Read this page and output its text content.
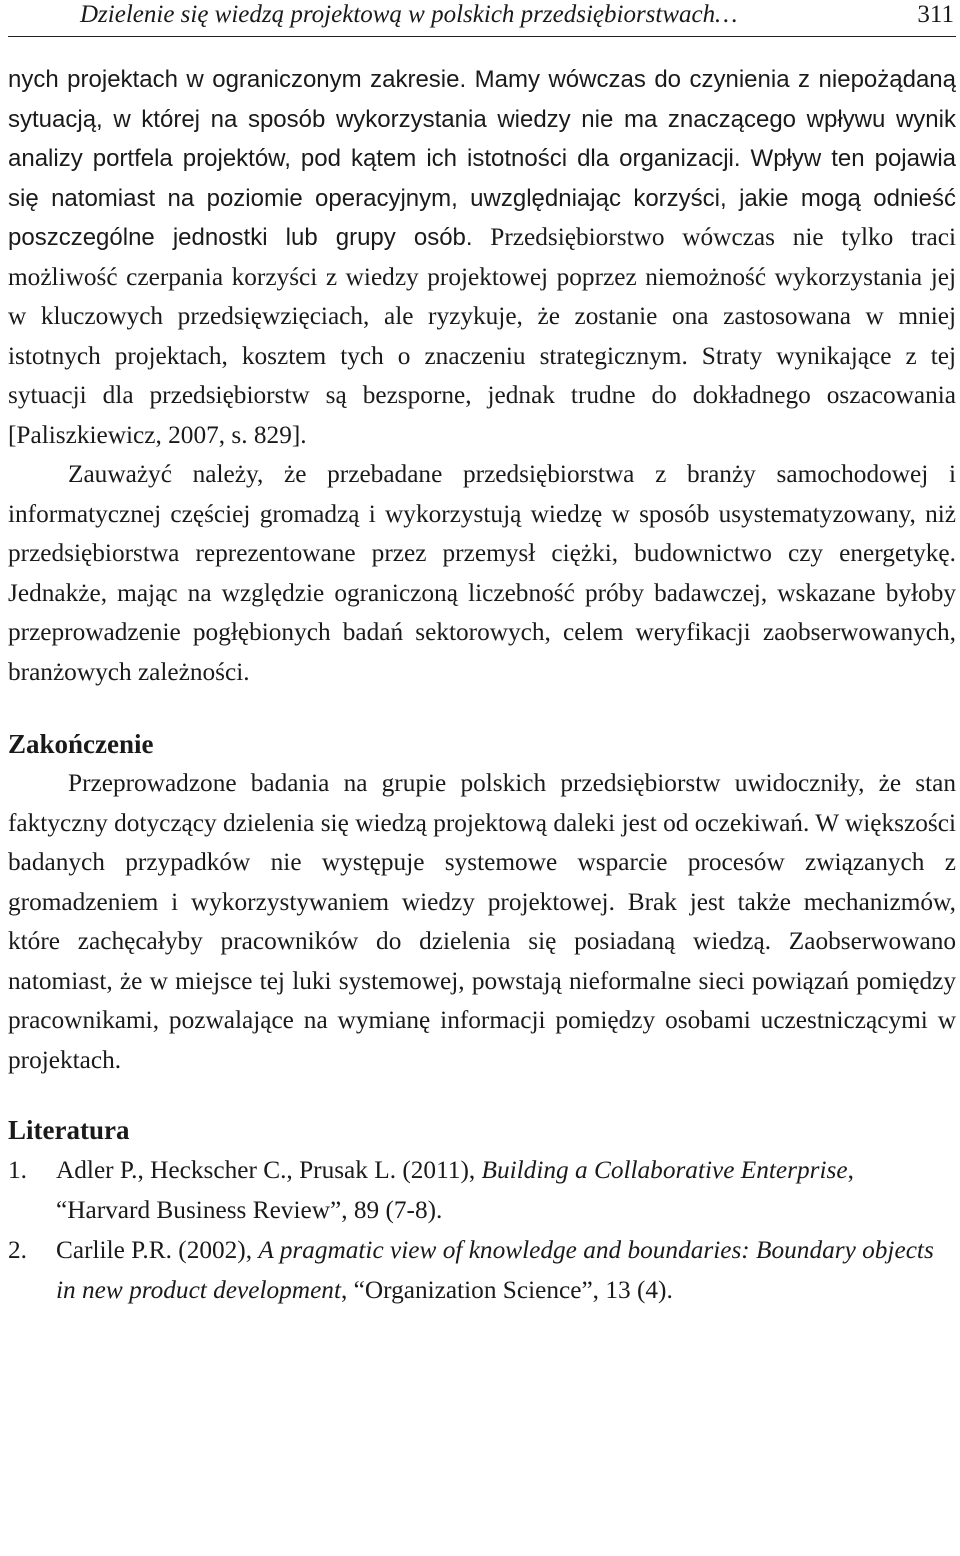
Dzielenie się wiedzą projektową w polskich przedsiębiorstwach…	311

nych projektach w ograniczonym zakresie. Mamy wówczas do czynienia z niepożądaną sytuacją, w której na sposób wykorzystania wiedzy nie ma znaczącego wpływu wynik analizy portfela projektów, pod kątem ich istotności dla organizacji. Wpływ ten pojawia się natomiast na poziomie operacyjnym, uwzględniając korzyści, jakie mogą odnieść poszczególne jednostki lub grupy osób. Przedsiębiorstwo wówczas nie tylko traci możliwość czerpania korzyści z wiedzy projektowej poprzez niemożność wykorzystania jej w kluczowych przedsięwzięciach, ale ryzykuje, że zostanie ona zastosowana w mniej istotnych projektach, kosztem tych o znaczeniu strategicznym. Straty wynikające z tej sytuacji dla przedsiębiorstw są bezsporne, jednak trudne do dokładnego oszacowania [Paliszkiewicz, 2007, s. 829].

Zauważyć należy, że przebadane przedsiębiorstwa z branży samochodowej i informatycznej częściej gromadzą i wykorzystują wiedzę w sposób usystematyzowany, niż przedsiębiorstwa reprezentowane przez przemysł ciężki, budownictwo czy energetykę. Jednakże, mając na względzie ograniczoną liczebność próby badawczej, wskazane byłoby przeprowadzenie pogłębionych badań sektorowych, celem weryfikacji zaobserwowanych, branżowych zależności.

Zakończenie

Przeprowadzone badania na grupie polskich przedsiębiorstw uwidoczniły, że stan faktyczny dotyczący dzielenia się wiedzą projektową daleki jest od oczekiwań. W większości badanych przypadków nie występuje systemowe wsparcie procesów związanych z gromadzeniem i wykorzystywaniem wiedzy projektowej. Brak jest także mechanizmów, które zachęcałyby pracowników do dzielenia się posiadaną wiedzą. Zaobserwowano natomiast, że w miejsce tej luki systemowej, powstają nieformalne sieci powiązań pomiędzy pracownikami, pozwalające na wymianę informacji pomiędzy osobami uczestniczącymi w projektach.

Literatura
1. Adler P., Heckscher C., Prusak L. (2011), Building a Collaborative Enterprise, “Harvard Business Review”, 89 (7-8).
2. Carlile P.R. (2002), A pragmatic view of knowledge and boundaries: Boundary objects in new product development, “Organization Science”, 13 (4).
